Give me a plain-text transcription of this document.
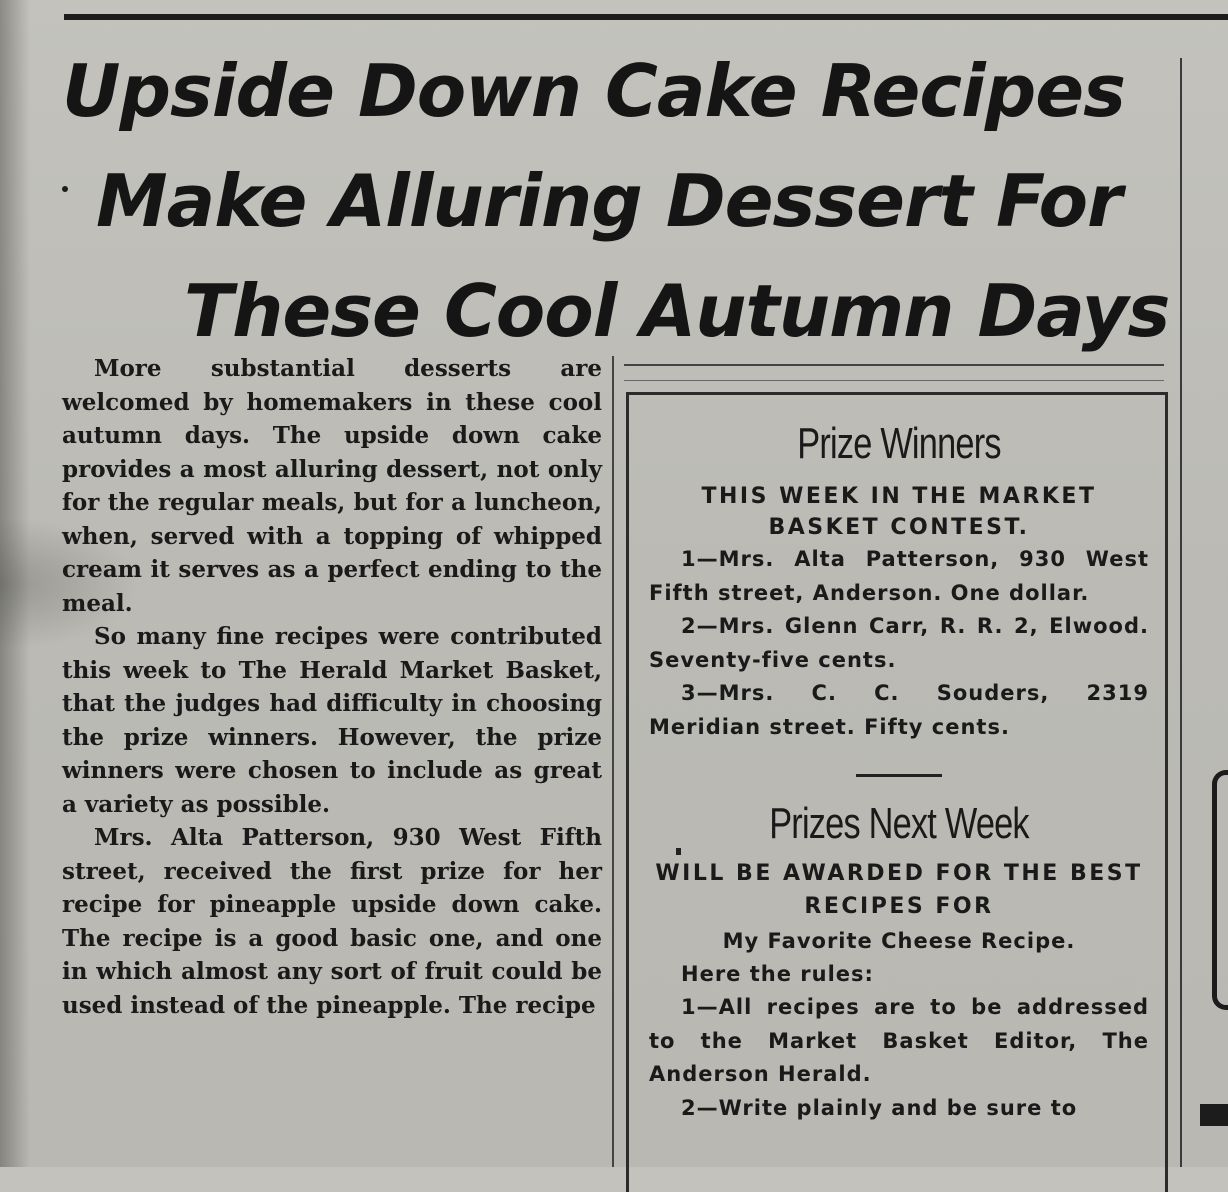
Upside Down Cake Recipes
Make Alluring Dessert For
These Cool Autumn Days

More substantial desserts are welcomed by homemakers in these cool autumn days. The upside down cake provides a most alluring dessert, not only for the regular meals, but for a luncheon, when, served with a topping of whipped cream it serves as a perfect ending to the meal.

So many fine recipes were contributed this week to The Herald Market Basket, that the judges had difficulty in choosing the prize winners. However, the prize winners were chosen to include as great a variety as possible.

Mrs. Alta Patterson, 930 West Fifth street, received the first prize for her recipe for pineapple upside down cake. The recipe is a good basic one, and one in which almost any sort of fruit could be used instead of the pineapple. The recipe

Prize Winners
THIS WEEK IN THE MARKET BASKET CONTEST.

1—Mrs. Alta Patterson, 930 West Fifth street, Anderson. One dollar.

2—Mrs. Glenn Carr, R. R. 2, Elwood. Seventy-five cents.

3—Mrs. C. C. Souders, 2319 Meridian street. Fifty cents.

Prizes Next Week
WILL BE AWARDED FOR THE BEST RECIPES FOR
My Favorite Cheese Recipe.
Here the rules:

1—All recipes are to be addressed to the Market Basket Editor, The Anderson Herald.

2—Write plainly and be sure to
